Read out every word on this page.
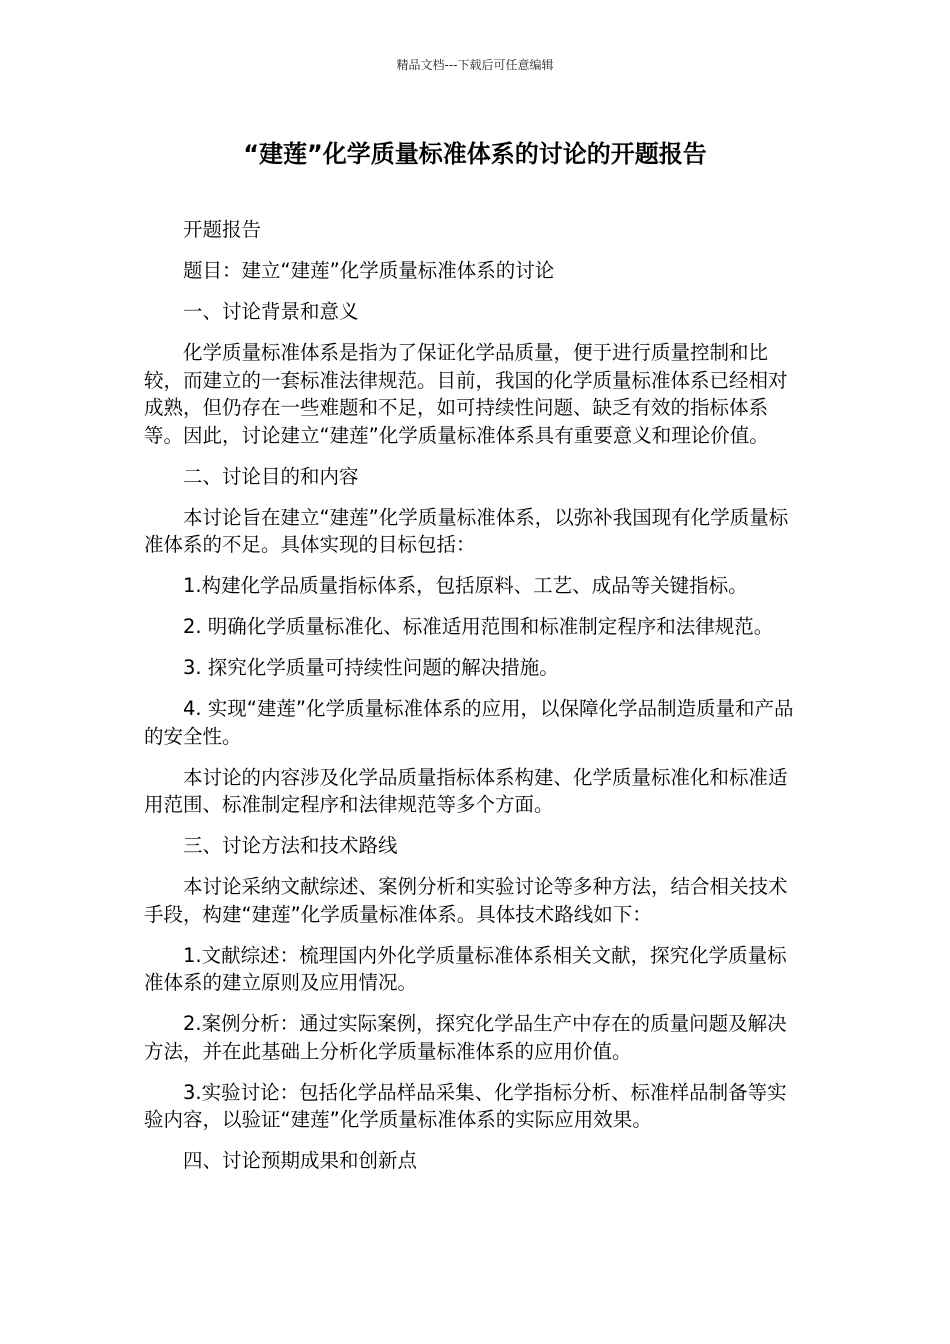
精品文档---下载后可任意编辑
“建莲”化学质量标准体系的讨论的开题报告

开题报告

题目：建立“建莲”化学质量标准体系的讨论

一、讨论背景和意义

化学质量标准体系是指为了保证化学品质量，便于进行质量控制和比较，而建立的一套标准法律规范。目前，我国的化学质量标准体系已经相对成熟，但仍存在一些难题和不足，如可持续性问题、缺乏有效的指标体系等。因此，讨论建立“建莲”化学质量标准体系具有重要意义和理论价值。

二、讨论目的和内容

本讨论旨在建立“建莲”化学质量标准体系，以弥补我国现有化学质量标准体系的不足。具体实现的目标包括：

1.构建化学品质量指标体系，包括原料、工艺、成品等关键指标。

2. 明确化学质量标准化、标准适用范围和标准制定程序和法律规范。

3. 探究化学质量可持续性问题的解决措施。

4. 实现“建莲”化学质量标准体系的应用，以保障化学品制造质量和产品的安全性。

本讨论的内容涉及化学品质量指标体系构建、化学质量标准化和标准适用范围、标准制定程序和法律规范等多个方面。

三、讨论方法和技术路线

本讨论采纳文献综述、案例分析和实验讨论等多种方法，结合相关技术手段，构建“建莲”化学质量标准体系。具体技术路线如下：

1.文献综述：梳理国内外化学质量标准体系相关文献，探究化学质量标准体系的建立原则及应用情况。

2.案例分析：通过实际案例，探究化学品生产中存在的质量问题及解决方法，并在此基础上分析化学质量标准体系的应用价值。

3.实验讨论：包括化学品样品采集、化学指标分析、标准样品制备等实验内容，以验证“建莲”化学质量标准体系的实际应用效果。

四、讨论预期成果和创新点
